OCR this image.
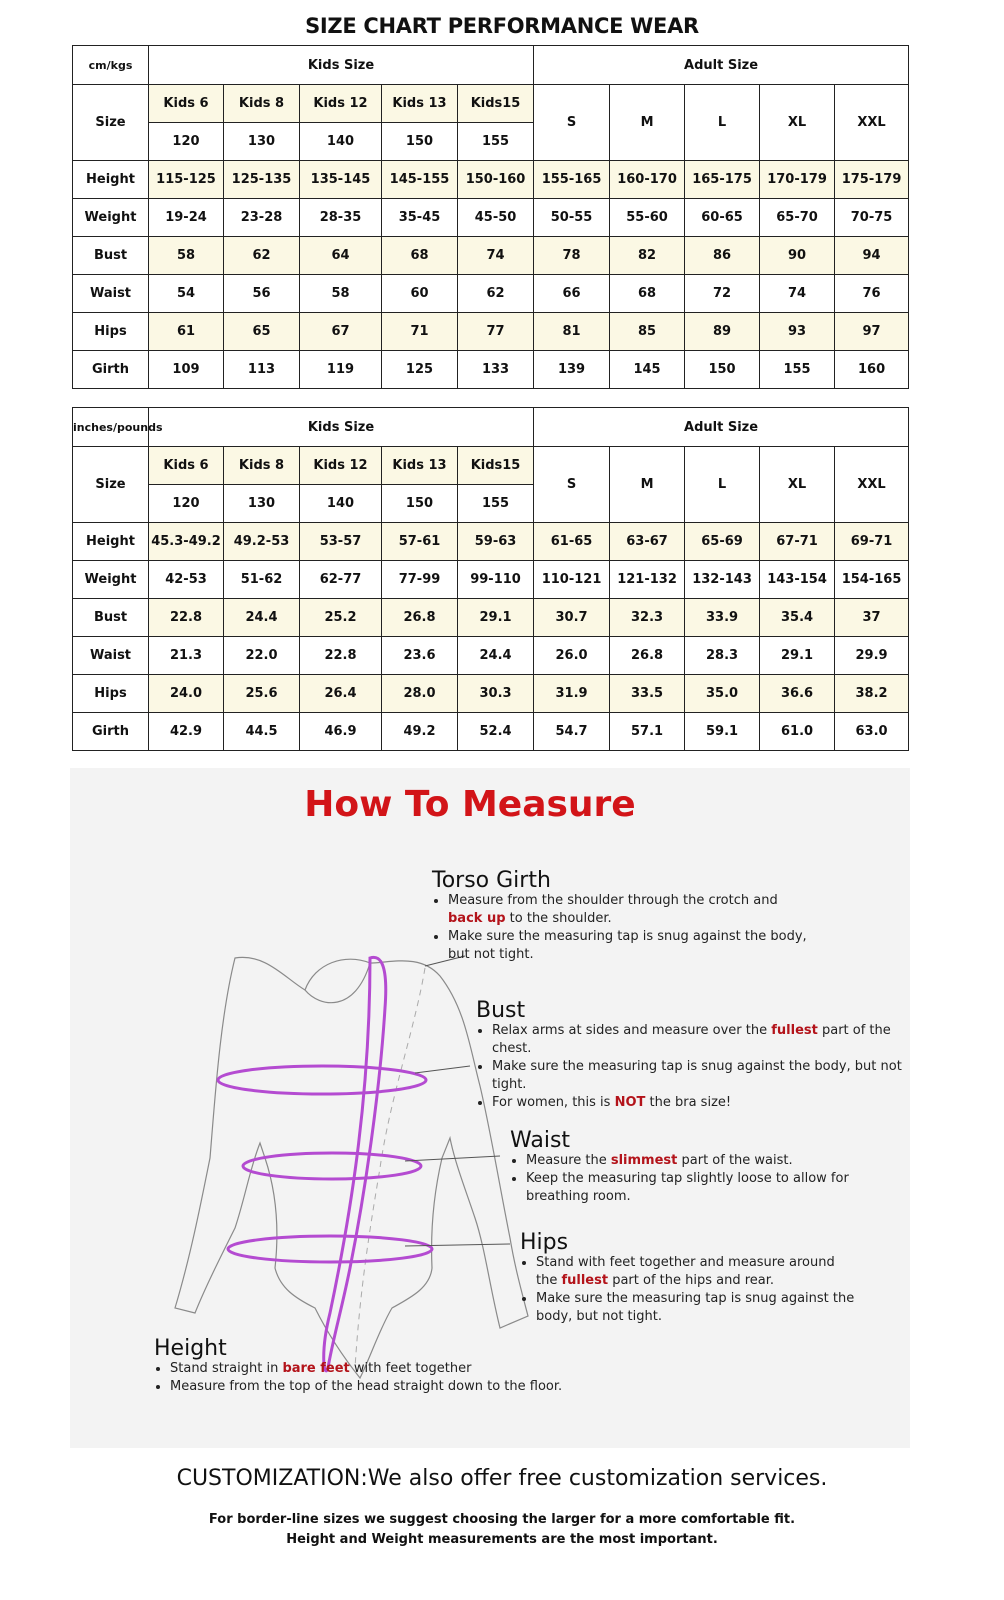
SIZE CHART PERFORMANCE WEAR
cm/kgs	Kids Size					Adult Size				
Size	Kids 6	Kids 8	Kids 12	Kids 13	Kids15	S	M	L	XL	XXL
	120	130	140	150	155					
Height	115-125	125-135	135-145	145-155	150-160	155-165	160-170	165-175	170-179	175-179
Weight	19-24	23-28	28-35	35-45	45-50	50-55	55-60	60-65	65-70	70-75
Bust	58	62	64	68	74	78	82	86	90	94
Waist	54	56	58	60	62	66	68	72	74	76
Hips	61	65	67	71	77	81	85	89	93	97
Girth	109	113	119	125	133	139	145	150	155	160
inches/pounds	Kids Size					Adult Size				
Size	Kids 6	Kids 8	Kids 12	Kids 13	Kids15	S	M	L	XL	XXL
	120	130	140	150	155					
Height	45.3-49.2	49.2-53	53-57	57-61	59-63	61-65	63-67	65-69	67-71	69-71
Weight	42-53	51-62	62-77	77-99	99-110	110-121	121-132	132-143	143-154	154-165
Bust	22.8	24.4	25.2	26.8	29.1	30.7	32.3	33.9	35.4	37
Waist	21.3	22.0	22.8	23.6	24.4	26.0	26.8	28.3	29.1	29.9
Hips	24.0	25.6	26.4	28.0	30.3	31.9	33.5	35.0	36.6	38.2
Girth	42.9	44.5	46.9	49.2	52.4	54.7	57.1	59.1	61.0	63.0
How To Measure
Torso Girth
• Measure from the shoulder through the crotch and back up to the shoulder.
• Make sure the measuring tap is snug against the body, but not tight.
Bust
• Relax arms at sides and measure over the fullest part of the chest.
• Make sure the measuring tap is snug against the body, but not tight.
• For women, this is NOT the bra size!
Waist
• Measure the slimmest part of the waist.
• Keep the measuring tap slightly loose to allow for breathing room.
Hips
• Stand with feet together and measure around the fullest part of the hips and rear.
• Make sure the measuring tap is snug against the body, but not tight.
Height
• Stand straight in bare feet with feet together
• Measure from the top of the head straight down to the floor.
CUSTOMIZATION:We also offer free customization services.
For border-line sizes we suggest choosing the larger for a more comfortable fit.
Height and Weight measurements are the most important.
